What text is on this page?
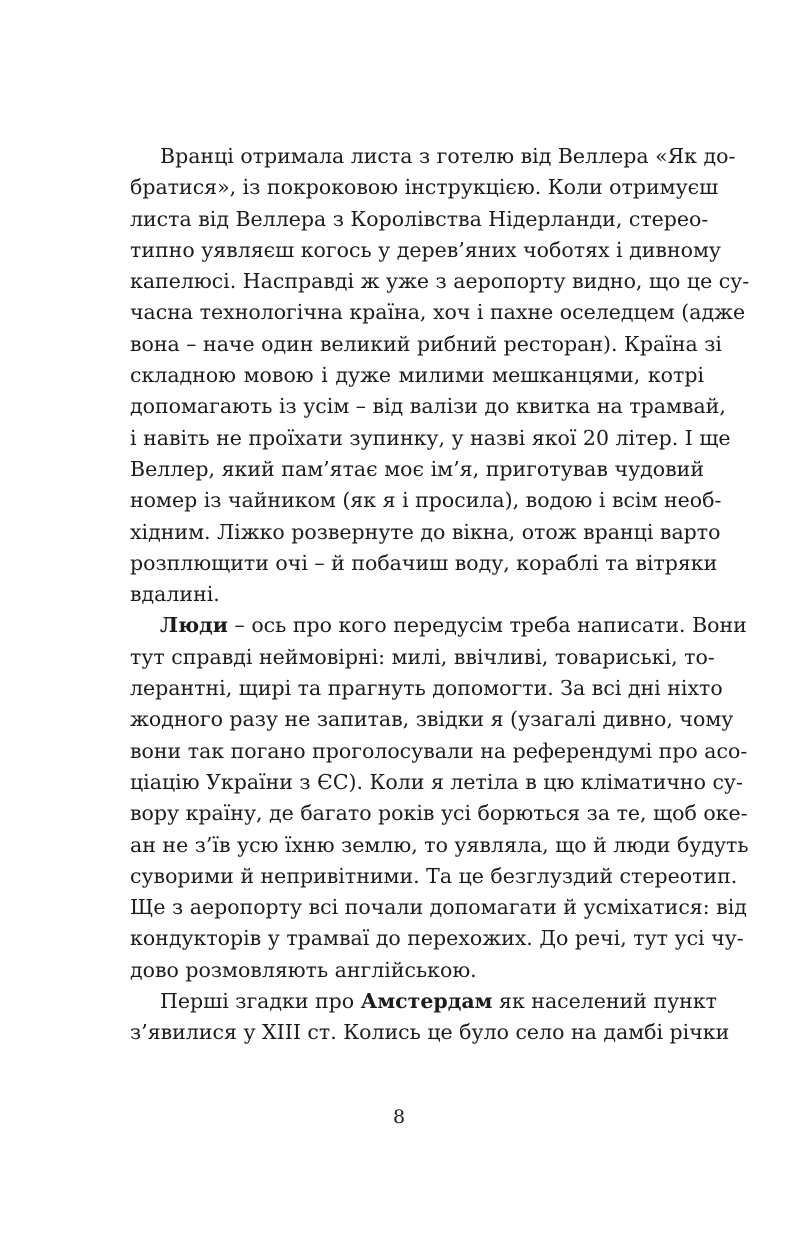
Вранці отримала листа з готелю від Веллера «Як до-
братися», із покроковою інструкцією. Коли отримуєш
листа від Веллера з Королівства Нідерланди, стерео-
типно уявляєш когось у дерев’яних чоботях і дивному
капелюсі. Насправді ж уже з аеропорту видно, що це су-
часна технологічна країна, хоч і пахне оселедцем (адже
вона – наче один великий рибний ресторан). Країна зі
складною мовою і дуже милими мешканцями, котрі
допомагають із усім – від валізи до квитка на трамвай,
і навіть не проїхати зупинку, у назві якої 20 літер. І ще
Веллер, який пам’ятає моє ім’я, приготував чудовий
номер із чайником (як я і просила), водою і всім необ-
хідним. Ліжко розвернуте до вікна, отож вранці варто
розплющити очі – й побачиш воду, кораблі та вітряки
вдалині.
Люди – ось про кого передусім треба написати. Вони
тут справді неймовірні: милі, ввічливі, товариські, то-
лерантні, щирі та прагнуть допомогти. За всі дні ніхто
жодного разу не запитав, звідки я (узагалі дивно, чому
вони так погано проголосували на референдумі про асо-
ціацію України з ЄС). Коли я летіла в цю кліматично су-
вору країну, де багато років усі борються за те, щоб оке-
ан не з’їв усю їхню землю, то уявляла, що й люди будуть
суворими й непривітними. Та це безглуздий стереотип.
Ще з аеропорту всі почали допомагати й усміхатися: від
кондукторів у трамваї до перехожих. До речі, тут усі чу-
дово розмовляють англійською.
Перші згадки про Амстердам як населений пункт
з’явилися у XIII ст. Колись це було село на дамбі річки
8
